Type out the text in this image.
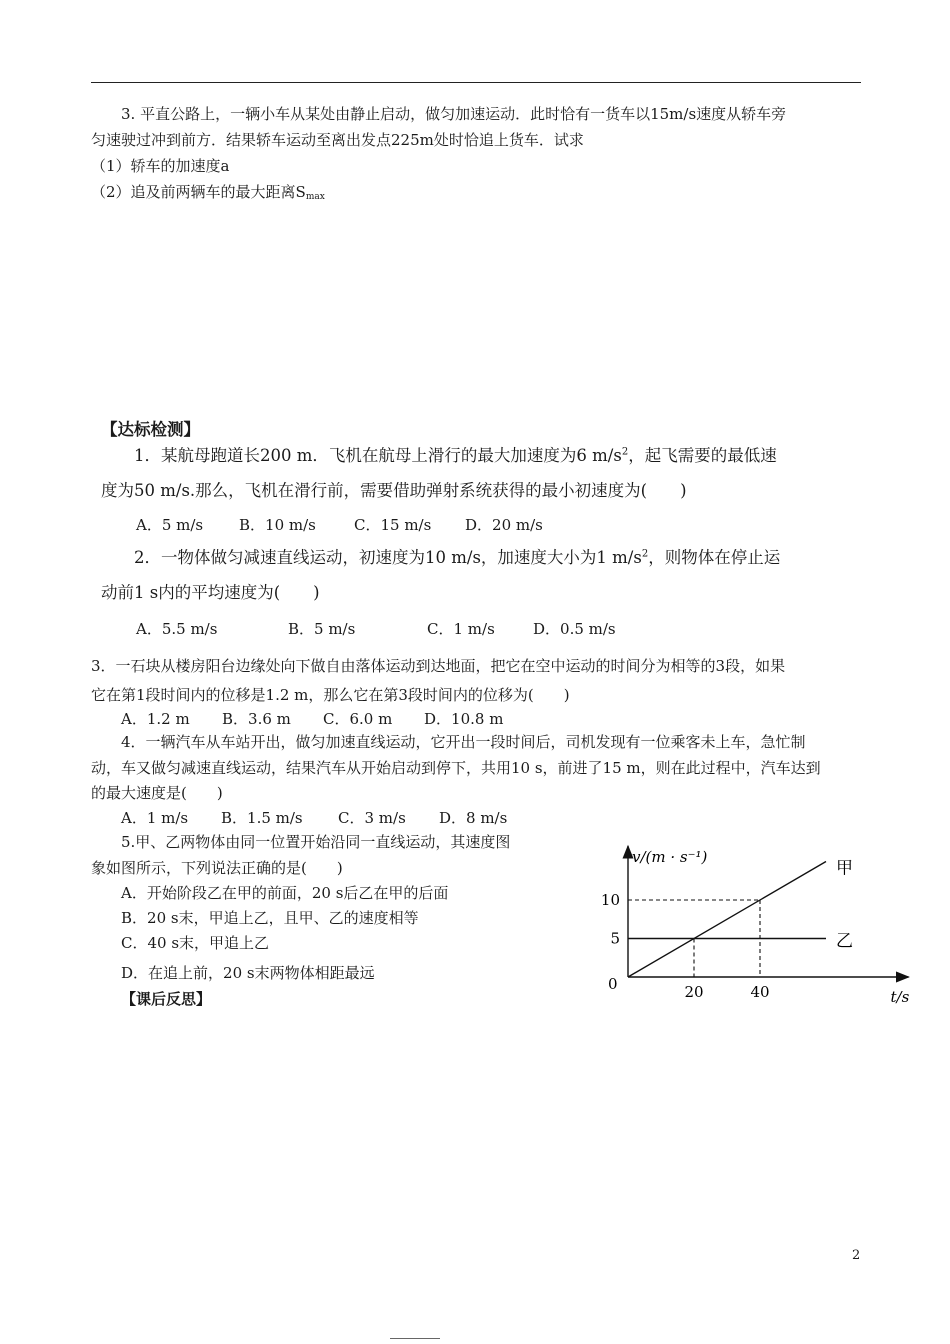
3. 平直公路上，一辆小车从某处由静止启动，做匀加速运动．此时恰有一货车以15m/s速度从轿车旁
匀速驶过冲到前方．结果轿车运动至离出发点225m处时恰追上货车．试求
（1）轿车的加速度a
（2）追及前两辆车的最大距离Smax
【达标检测】
1．某航母跑道长200 m．飞机在航母上滑行的最大加速度为6 $m/s^2$，起飞需要的最低速
度为50 m/s.那么，飞机在滑行前，需要借助弹射系统获得的最小初速度为(　　)
A．5 m/s B．10 m/s	C．15 m/s D．20 m/s
2．一物体做匀减速直线运动，初速度为10 m/s，加速度大小为1 $m/s^2$，则物体在停止运
动前1 s内的平均速度为(　　)
A．5.5 m/s	B．5 m/s	C．1 m/s	D．0.5 m/s
3．一石块从楼房阳台边缘处向下做自由落体运动到达地面，把它在空中运动的时间分为相等的3段，如果
它在第1段时间内的位移是1.2 m，那么它在第3段时间内的位移为(　　)
A．1.2 m B．3.6 m C．6.0 m D．10.8 m
4．一辆汽车从车站开出，做匀加速直线运动，它开出一段时间后，司机发现有一位乘客未上车，急忙制
动，车又做匀减速直线运动，结果汽车从开始启动到停下，共用10 s，前进了15 m，则在此过程中，汽车达到
的最大速度是(　　)
A．1 m/s B．1.5 m/s C．3 m/s D．8 m/s
5.甲、乙两物体由同一位置开始沿同一直线运动，其速度图
象如图所示，下列说法正确的是(　　)
A．开始阶段乙在甲的前面，20 s后乙在甲的后面
B．20 s末，甲追上乙，且甲、乙的速度相等
C．40 s末，甲追上乙
D．在追上前，20 s末两物体相距最远
【课后反思】
甲
乙
20	40
5
10
v/(m · s⁻¹)
t/s
0
2
